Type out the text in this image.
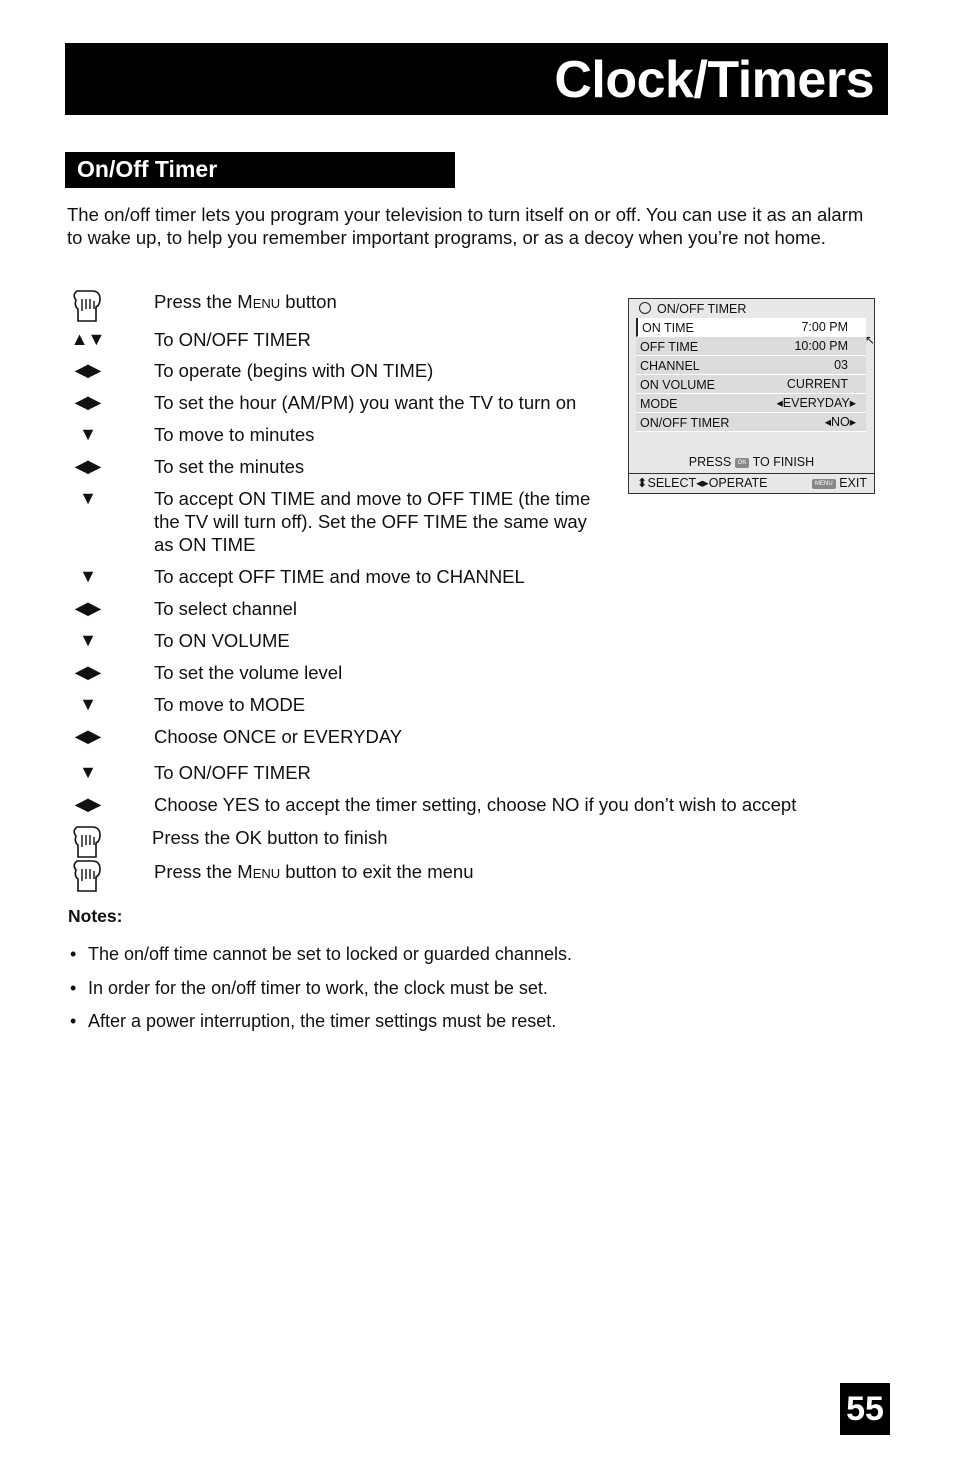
Clock/Timers
On/Off Timer

The on/off timer lets you program your television to turn itself on or off. You can use it as an alarm to wake up, to help you remember important programs, or as a decoy when you’re not home.

Press the Menu button
▲▼	To ON/OFF TIMER
◀▶	To operate (begins with ON TIME)
◀▶	To set the hour (AM/PM) you want the TV to turn on
▼	To move to minutes
◀▶	To set the minutes
▼	To accept ON TIME and move to OFF TIME (the time the TV will turn off). Set the OFF TIME the same way as ON TIME
▼	To accept OFF TIME and move to CHANNEL
◀▶	To select channel
▼	To ON VOLUME
◀▶	To set the volume level
▼	To move to MODE
◀▶	Choose ONCE or EVERYDAY
▼	To ON/OFF TIMER
◀▶	Choose YES to accept the timer setting, choose NO if you don’t wish to accept
Press the OK button to finish
Press the Menu button to exit the menu
ON/OFF TIMER
ON TIME	7:00 PM
OFF TIME	10:00 PM
CHANNEL	03
ON VOLUME	CURRENT
MODE	◂EVERYDAY▸
ON/OFF TIMER	◂NO▸
↖
PRESS OK TO FINISH
⬍SELECT◂▸OPERATE	MENU EXIT
Notes:
• The on/off time cannot be set to locked or guarded channels.
• In order for the on/off timer to work, the clock must be set.
• After a power interruption, the timer settings must be reset.
55
